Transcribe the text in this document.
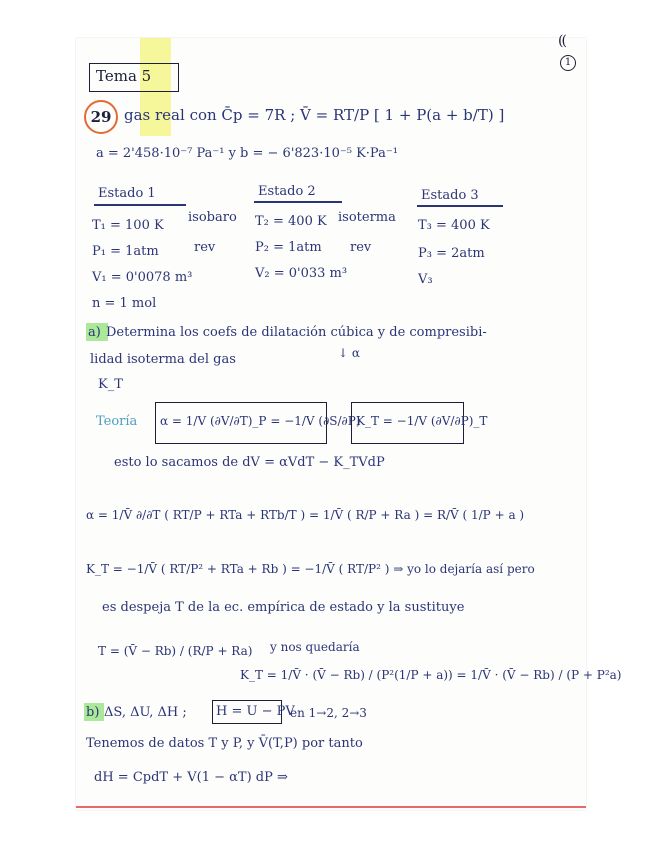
Tema 5
1
((
29 gas real con C̄p = 7R ; V̄ = RT/P [ 1 + P(a + b/T) ]
a = 2'458·10⁻⁷ Pa⁻¹ y b = − 6'823·10⁻⁵ K·Pa⁻¹
Estado 1
T₁ = 100 K
P₁ = 1atm
V₁ = 0'0078 m³
n = 1 mol
isobaro
rev
Estado 2
T₂ = 400 K
P₂ = 1atm
V₂ = 0'033 m³
isoterma
rev
Estado 3
T₃ = 400 K
P₃ = 2atm
V₃
a) Determina los coefs de dilatación cúbica y de compresibi-
lidad isoterma del gas	↓ α
K_T
Teoría α = 1/V (∂V/∂T)_P = −1/V (∂S/∂P)
K_T = −1/V (∂V/∂P)_T
esto lo sacamos de dV = αVdT − K_TVdP
α = 1/V̄ ∂/∂T ( RT/P + RTa + RTb/T ) = 1/V̄ ( R/P + Ra ) = R/V̄ ( 1/P + a )
K_T = −1/V̄ ( RT/P² + RTa + Rb ) = −1/V̄ ( RT/P² ) ⇒ yo lo dejaría así pero
es despeja T de la ec. empírica de estado y la sustituye
T = (V̄ − Rb) / (R/P + Ra) y nos quedaría
K_T = 1/V̄ · (V̄ − Rb) / (P²(1/P + a)) = 1/V̄ · (V̄ − Rb) / (P + P²a)
b) ΔS, ΔU, ΔH ; H = U − PV
en 1→2, 2→3
Tenemos de datos T y P, y V̄(T,P) por tanto
dH = CpdT + V(1 − αT) dP ⇒
